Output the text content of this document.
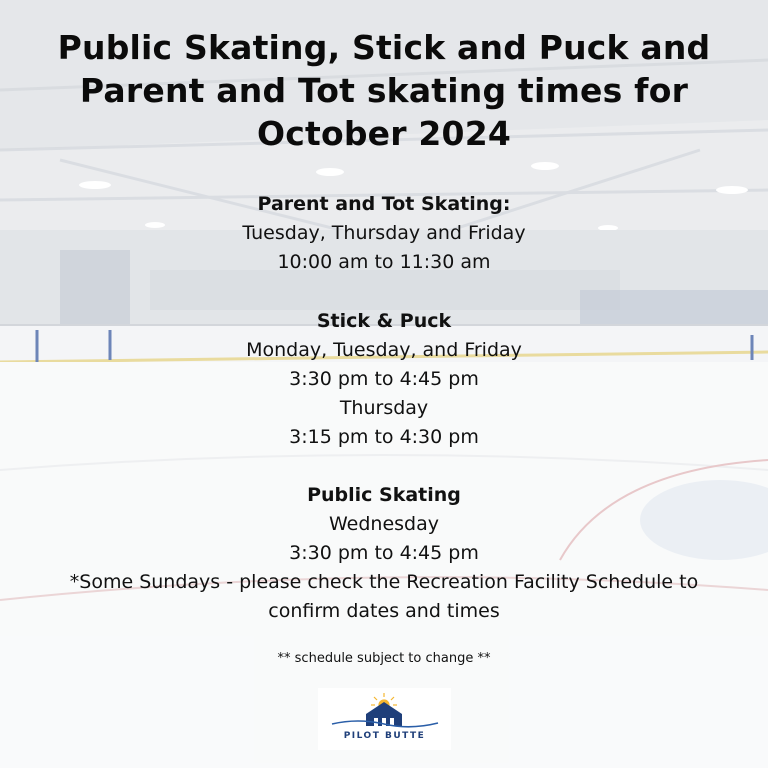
Public Skating, Stick and Puck and
Parent and Tot skating times for
October 2024
Parent and Tot Skating:
Tuesday, Thursday and Friday
10:00 am to 11:30 am
Stick & Puck
Monday, Tuesday, and Friday
3:30 pm to 4:45 pm
Thursday
3:15 pm to 4:30 pm
Public Skating
Wednesday
3:30 pm to 4:45 pm
*Some Sundays - please check the Recreation Facility Schedule to
confirm dates and times
** schedule subject to change **
PILOT BUTTE
